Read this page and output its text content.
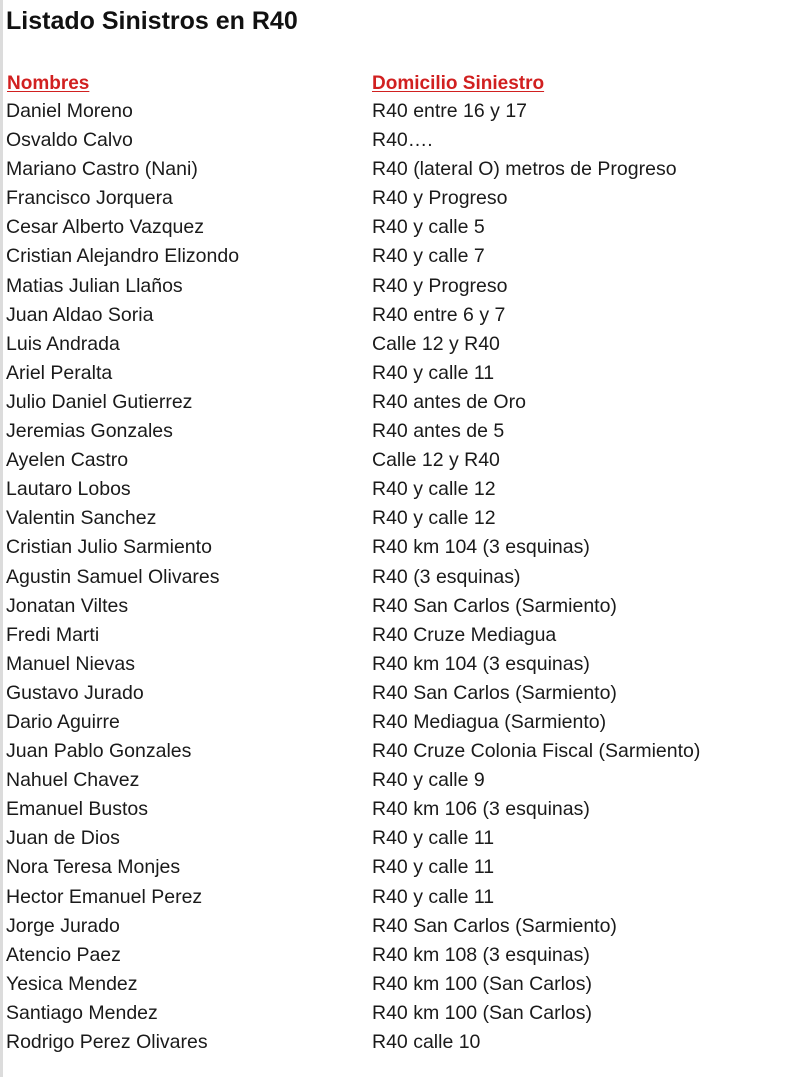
Listado Sinistros en R40
Nombres	Domicilio Siniestro
Daniel Moreno	R40 entre 16 y 17
Osvaldo Calvo	R40….
Mariano Castro (Nani)	R40 (lateral O) metros de Progreso
Francisco Jorquera	R40 y Progreso
Cesar Alberto Vazquez	R40 y calle 5
Cristian Alejandro Elizondo	R40 y calle 7
Matias Julian Llaños	R40 y Progreso
Juan Aldao Soria	R40 entre 6 y 7
Luis Andrada	Calle 12 y R40
Ariel Peralta	R40 y calle 11
Julio Daniel Gutierrez	R40 antes de Oro
Jeremias Gonzales	R40 antes de 5
Ayelen Castro	Calle 12 y R40
Lautaro Lobos	R40 y calle 12
Valentin Sanchez	R40 y calle 12
Cristian Julio Sarmiento	R40 km 104 (3 esquinas)
Agustin Samuel Olivares	R40 (3 esquinas)
Jonatan Viltes	R40 San Carlos (Sarmiento)
Fredi Marti	R40 Cruze Mediagua
Manuel Nievas	R40 km 104 (3 esquinas)
Gustavo Jurado	R40 San Carlos (Sarmiento)
Dario Aguirre	R40 Mediagua (Sarmiento)
Juan Pablo Gonzales	R40 Cruze Colonia Fiscal (Sarmiento)
Nahuel Chavez	R40 y calle 9
Emanuel Bustos	R40 km 106 (3 esquinas)
Juan de Dios	R40 y calle 11
Nora Teresa Monjes	R40 y calle 11
Hector Emanuel Perez	R40 y calle 11
Jorge Jurado	R40 San Carlos (Sarmiento)
Atencio Paez	R40 km 108 (3 esquinas)
Yesica Mendez	R40 km 100 (San Carlos)
Santiago Mendez	R40 km 100 (San Carlos)
Rodrigo Perez Olivares	R40 calle 10
